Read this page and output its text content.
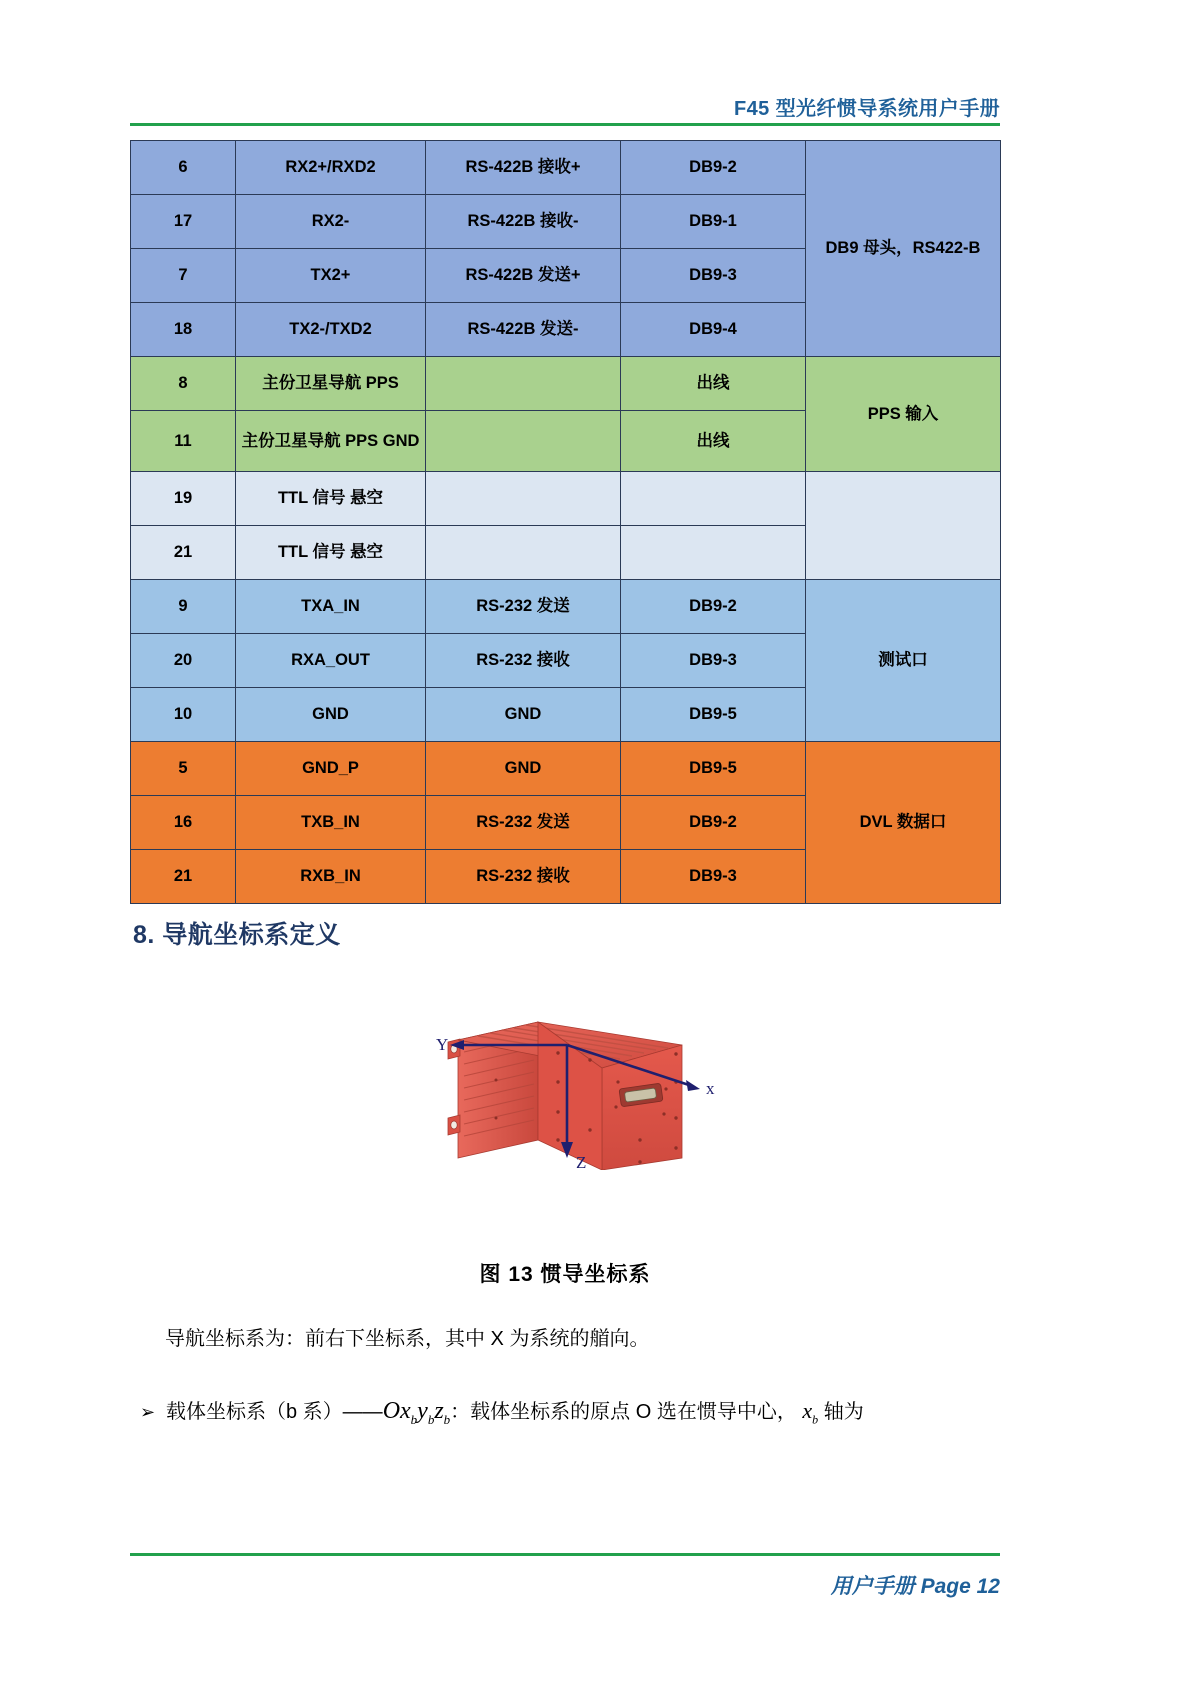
F45 型光纤惯导系统用户手册
6	RX2+/RXD2	RS-422B 接收+	DB9-2	DB9 母头，RS422-B
17	RX2-	RS-422B 接收-	DB9-1	
7	TX2+	RS-422B 发送+	DB9-3	
18	TX2-/TXD2	RS-422B 发送-	DB9-4	
8	主份卫星导航 PPS		出线	PPS 输入
11	主份卫星导航 PPS GND		出线	
19	TTL 信号 悬空			
21	TTL 信号 悬空			
9	TXA_IN	RS-232 发送	DB9-2	测试口
20	RXA_OUT	RS-232 接收	DB9-3	
10	GND	GND	DB9-5	
5	GND_P	GND	DB9-5	DVL 数据口
16	TXB_IN	RS-232 发送	DB9-2	
21	RXB_IN	RS-232 接收	DB9-3	
8. 导航坐标系定义
Y
x
Z
图 13 惯导坐标系
导航坐标系为：前右下坐标系，其中 X 为系统的艏向。
➢ 载体坐标系（b 系）$——Ox_by_bz_b$：载体坐标系的原点 O 选在惯导中心， $x_b$ 轴为
用户手册 Page 12
